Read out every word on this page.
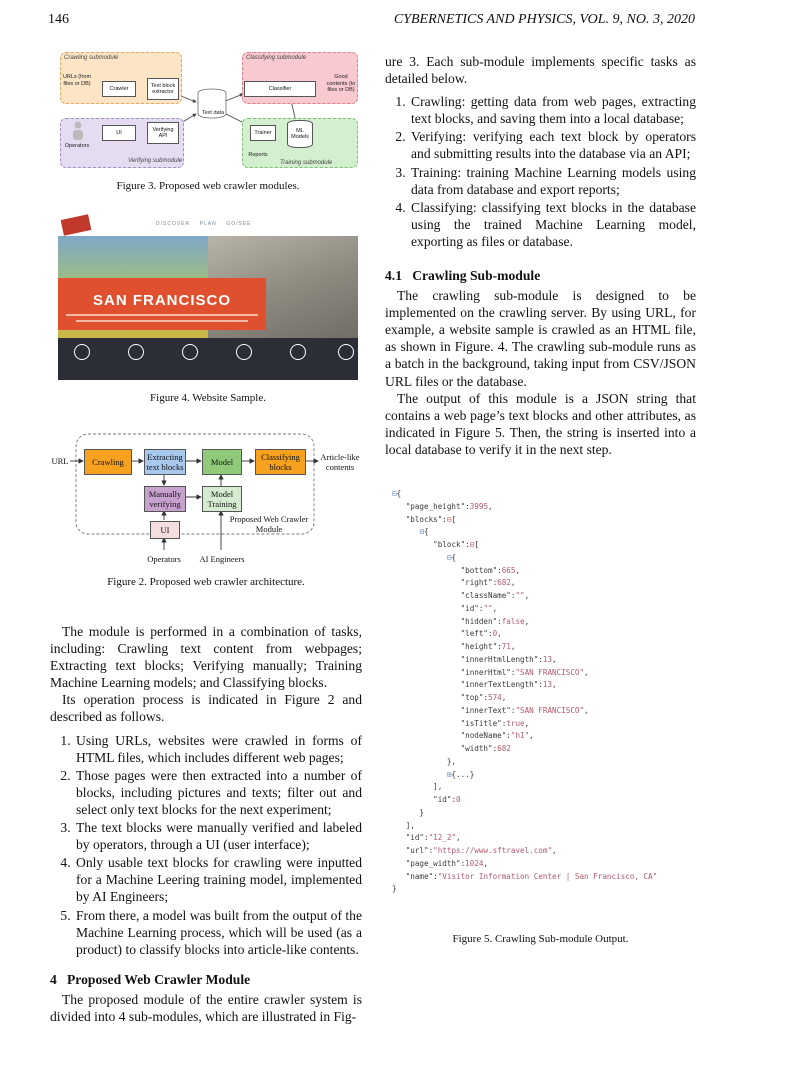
146	CYBERNETICS AND PHYSICS, VOL. 9, NO. 3, 2020
Crawling submodule	Classifying submodule
Verifying submodule	Training submodule
URLs (from files or DB)
Crawler
Text block extractor
Classifier
Good contents (to files or DB)
Text data
Operators
UI
Verifying API
Trainer	ML Models
Reports
Figure 3. Proposed web crawler modules.
DISCOVER PLAN GO/SEE
SAN FRANCISCO
Figure 4. Website Sample.
URL	Crawling	Extracting text blocks	Model	Classifying blocks
Article-like contents
Manually verifying
Model Training
UI
Proposed Web Crawler Module
Operators	AI Engineers
Figure 2. Proposed web crawler architecture.

The module is performed in a combination of tasks, including: Crawling text content from webpages; Extracting text blocks; Verifying manually; Training Machine Learning models; and Classifying blocks.

Its operation process is indicated in Figure 2 and described as follows.

1. Using URLs, websites were crawled in forms of HTML files, which includes different web pages;
2. Those pages were then extracted into a number of blocks, including pictures and texts; filter out and select only text blocks for the next experiment;
3. The text blocks were manually verified and labeled by operators, through a UI (user interface);
4. Only usable text blocks for crawling were inputted for a Machine Leering training model, implemented by AI Engineers;
5. From there, a model was built from the output of the Machine Learning process, which will be used (as a product) to classify blocks into article-like contents.
4 Proposed Web Crawler Module

The proposed module of the entire crawler system is divided into 4 sub-modules, which are illustrated in Fig-

ure 3. Each sub-module implements specific tasks as detailed below.

1. Crawling: getting data from web pages, extracting text blocks, and saving them into a local database;
2. Verifying: verifying each text block by operators and submitting results into the database via an API;
3. Training: training Machine Learning models using data from database and export reports;
4. Classifying: classifying text blocks in the database using the trained Machine Learning model, exporting as files or database.
4.1 Crawling Sub-module

The crawling sub-module is designed to be implemented on the crawling server. By using URL, for example, a website sample is crawled as an HTML file, as shown in Figure. 4. The crawling sub-module runs as a batch in the background, taking input from CSV/JSON URL files or the database.

The output of this module is a JSON string that contains a web page’s text blocks and other attributes, as indicated in Figure 5. Then, the string is inserted into a local database to verify it in the next step.

⊟{
"page_height":3995,
"blocks":⊟[
⊟{
"block":⊟[
⊟{
"bottom":665,
"right":682,
"className":"",
"id":"",
"hidden":false,
"left":0,
"height":71,
"innerHtmlLength":13,
"innerHtml":"SAN FRANCISCO",
"innerTextLength":13,
"top":574,
"innerText":"SAN FRANCISCO",
"isTitle":true,
"nodeName":"h1",
"width":682
},
⊞{...}
],
"id":0
}
],
"id":"12_2",
"url":"https://www.sftravel.com",
"page_width":1024,
"name":"Visitor Information Center | San Francisco, CA"
}
Figure 5. Crawling Sub-module Output.
